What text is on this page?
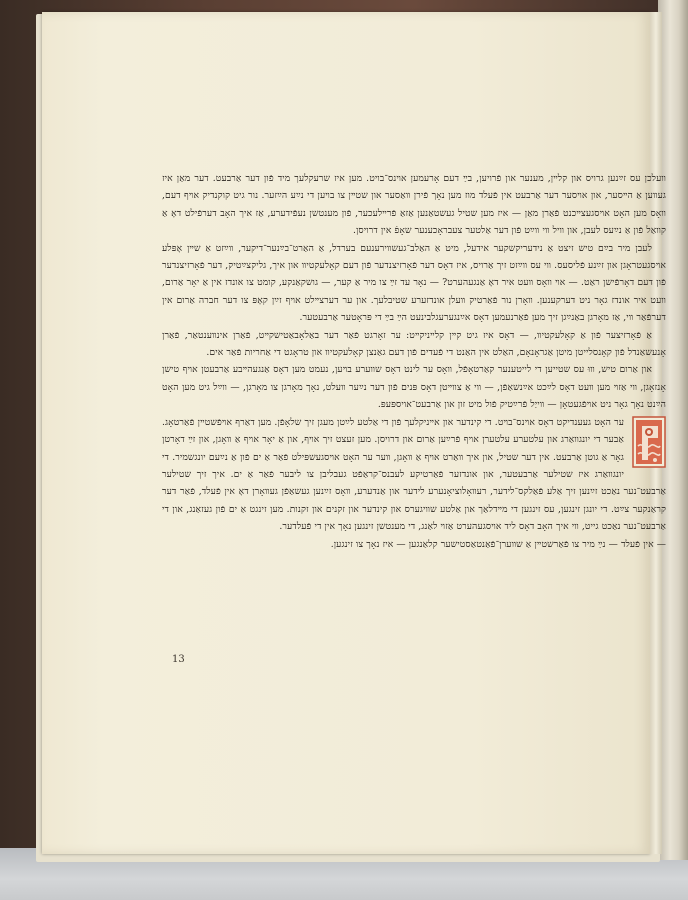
װעלכן עס זײַנען גרויס און קלײן, מענער און פֿרויען, בײַ דעם אָרעמען אױנס־בויט. מען איז שרעקלעך מיד פֿון דער אַרבעט. דער מאַן איז געװען אַ הײסער, און אױסער דער אַרבעט אין פֿעלד מוז מען נאָך פֿירן װאַסער און שטײן צו בױען די נײַע הײַזער. נור גיט קוקנדיק אױף דעם, װאָס מען האָט אױסגעצײכנט פֿאַרן מאַן — איז מען שטיל געשטאַנען אַזאַ פֿרײלעכער, פֿון מענטשן נעפֿידערע, אַז איך האָב דערפֿילט דאָ אַ קװאַל פֿון אַ נײַעס לעבן, און װיל װי װײַט פֿון דער אַלטער צעבראָכענער שאָפֿ אין דרויסן.

לעבן מיר בײַם טיש זיצט אַ נידעריקשקער אידעל, מיט אַ האַלב־געשװירענעם בערדל, אַ האַרט־בײַנער־דיקער, װײַזט אַ שײן אָפּלע אױסגעטראָגן און זײַנע פֿליסעס. װי עס װײַזט זיך אַרויס, איז דאָס דער פֿאָרזיצנדער פֿון דעם קאָלעקטיװ און איך, גליקצײַטיק, דער פֿאָרזיצנדער פֿון דעם דאָרפֿישן ראַט. — אױ װאָס װעט איר דאָ אַנגעהערט? — נאָר עד זײַ צו מיר אַ קער, — גושקאַנקע, קומט צו אונדז אין אַ יאָר אַרום, װעט איר אונדז גאָר ניט דערקענען. װאָרן נור פֿאַרטיק װעלן אונדזערע שטיבלעך. און ער דערצײלט אױף זײַן קאָפּ צו דער חברה אַרום אין דערפֿאַר װי, אַז מאָרגן באַנײַגן זיך מען פֿאַרנעמען דאָס אײַנגערעגלבינעט הײַ בײַ די פּראָטער אַרבעטער.

אַ פֿאָרזיצער פֿון אַ קאָלעקטיװ, — דאָס איז גיט קײן קלײניקײט: ער זאָרגט פֿאַר דער באַלאָבאַטישקײט, פֿאַרן אינװענטאַר, פֿאַרן אָנעשאַנדל פֿון קאָנסלייטן מיטן אַגראָנאָם, האַלט אין האַנט די פֿעדים פֿון דעם גאַנצן קאָלעקטיװ און טראָגט די אַחריות פֿאַר אים.

און אַרום טיש, װוּ עס שטייען די לייטענער קאַרטאָפֿל, װאָס ער לינט דאָס שװערע בױען, נעמט מען דאָס אַנגעהײבע אַרבעטן אױף טישן אָנזאָגן, װי אַזױ מען װעט דאָס לײַכט אײַנשאַפֿן, — װי אַ צװײטן דאָס פּנים פֿון דער נײַער װעלט, נאָך מאָרגן צו מאָרגן, — װײַל גיט מען האָט הײַנט נאָך גאָר ניט אױפֿגעטאָן — װייַל פֿרײַטיק פֿול מיט זון און אַרבעט־אויספּעפּ.

ער האָט געענדיקט דאָס אױנס־בױט. די קינדער און אײניקלעך פֿון די אַלטע לײַטן מעגן זיך שלאָפֿן. מען דאַרף אױפֿשטײן פֿאַרטאָג. אַבער די יונגװאַרג און עלטערע עלטערן אױף פֿרײַען אַרום און דרויסן. מען זעצט זיך אױף, און אַ יאָר אױף אַ װאָגן, און זײַ דאָרטן גאָר אַ גוטן אַרבעט. אין דער שטיל, און איך װאַרט אױף אַ װאָגן, װער ער האָט אױסגעשפּילט פֿאַר אַ ים פֿון אַ נײַעם יונגשמיר. די יונגװאַרג איז שטילער אַרבעטער, און אונדזער פֿאַרטיקע לעבנס־קראַפֿט געבליבן צו ליבער פֿאַר אַ ים. איך זיך שטילער אַרבעט־נער נאַכט זײַנען זיך אַלע פֿאַלקס־לידער, רעװאָלוציאָנערע לידער און אַנדערע, װאָס זײַנען געשאַפֿן געװאָרן דאָ אין פֿעלד, פֿאַר דער קראַנקער צײַט. די יונגן זינגען, עס זינגען די מײדלאַך און אַלטע שװיגערס און קינדער און זקנים און זקנות. מען זינגט אַ ים פֿון געזאַנג, און די אַרבעט־נער נאַכט גייט, װי איך האָב דאָס ליד אױסגעהערט אַזױ לאַנג, די מענטשן זינגען נאָך אין די פֿעלדער.

— אין פֿעלד — נײַ מיר צו פֿאַרשטײן אַ שװערן־פֿאַנטאַסטישער קלאַנגען — איז נאָך צו זינגען.

13
